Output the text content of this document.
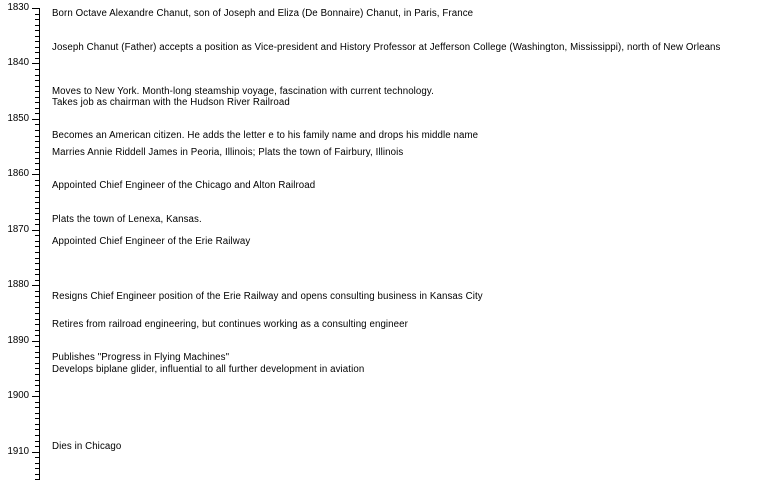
1830
1840
1850
1860
1870
1880
1890
1900
1910
Born Octave Alexandre Chanut, son of Joseph and Eliza (De Bonnaire) Chanut, in Paris, France
Joseph Chanut (Father) accepts a position as Vice-president and History Professor at Jefferson College (Washington, Mississippi), north of New Orleans
Moves to New York. Month-long steamship voyage, fascination with current technology.
Takes job as chairman with the Hudson River Railroad
Becomes an American citizen. He adds the letter e to his family name and drops his middle name
Marries Annie Riddell James in Peoria, Illinois; Plats the town of Fairbury, Illinois
Appointed Chief Engineer of the Chicago and Alton Railroad
Plats the town of Lenexa, Kansas.
Appointed Chief Engineer of the Erie Railway
Resigns Chief Engineer position of the Erie Railway and opens consulting business in Kansas City
Retires from railroad engineering, but continues working as a consulting engineer
Publishes "Progress in Flying Machines"
Develops biplane glider, influential to all further development in aviation
Dies in Chicago
